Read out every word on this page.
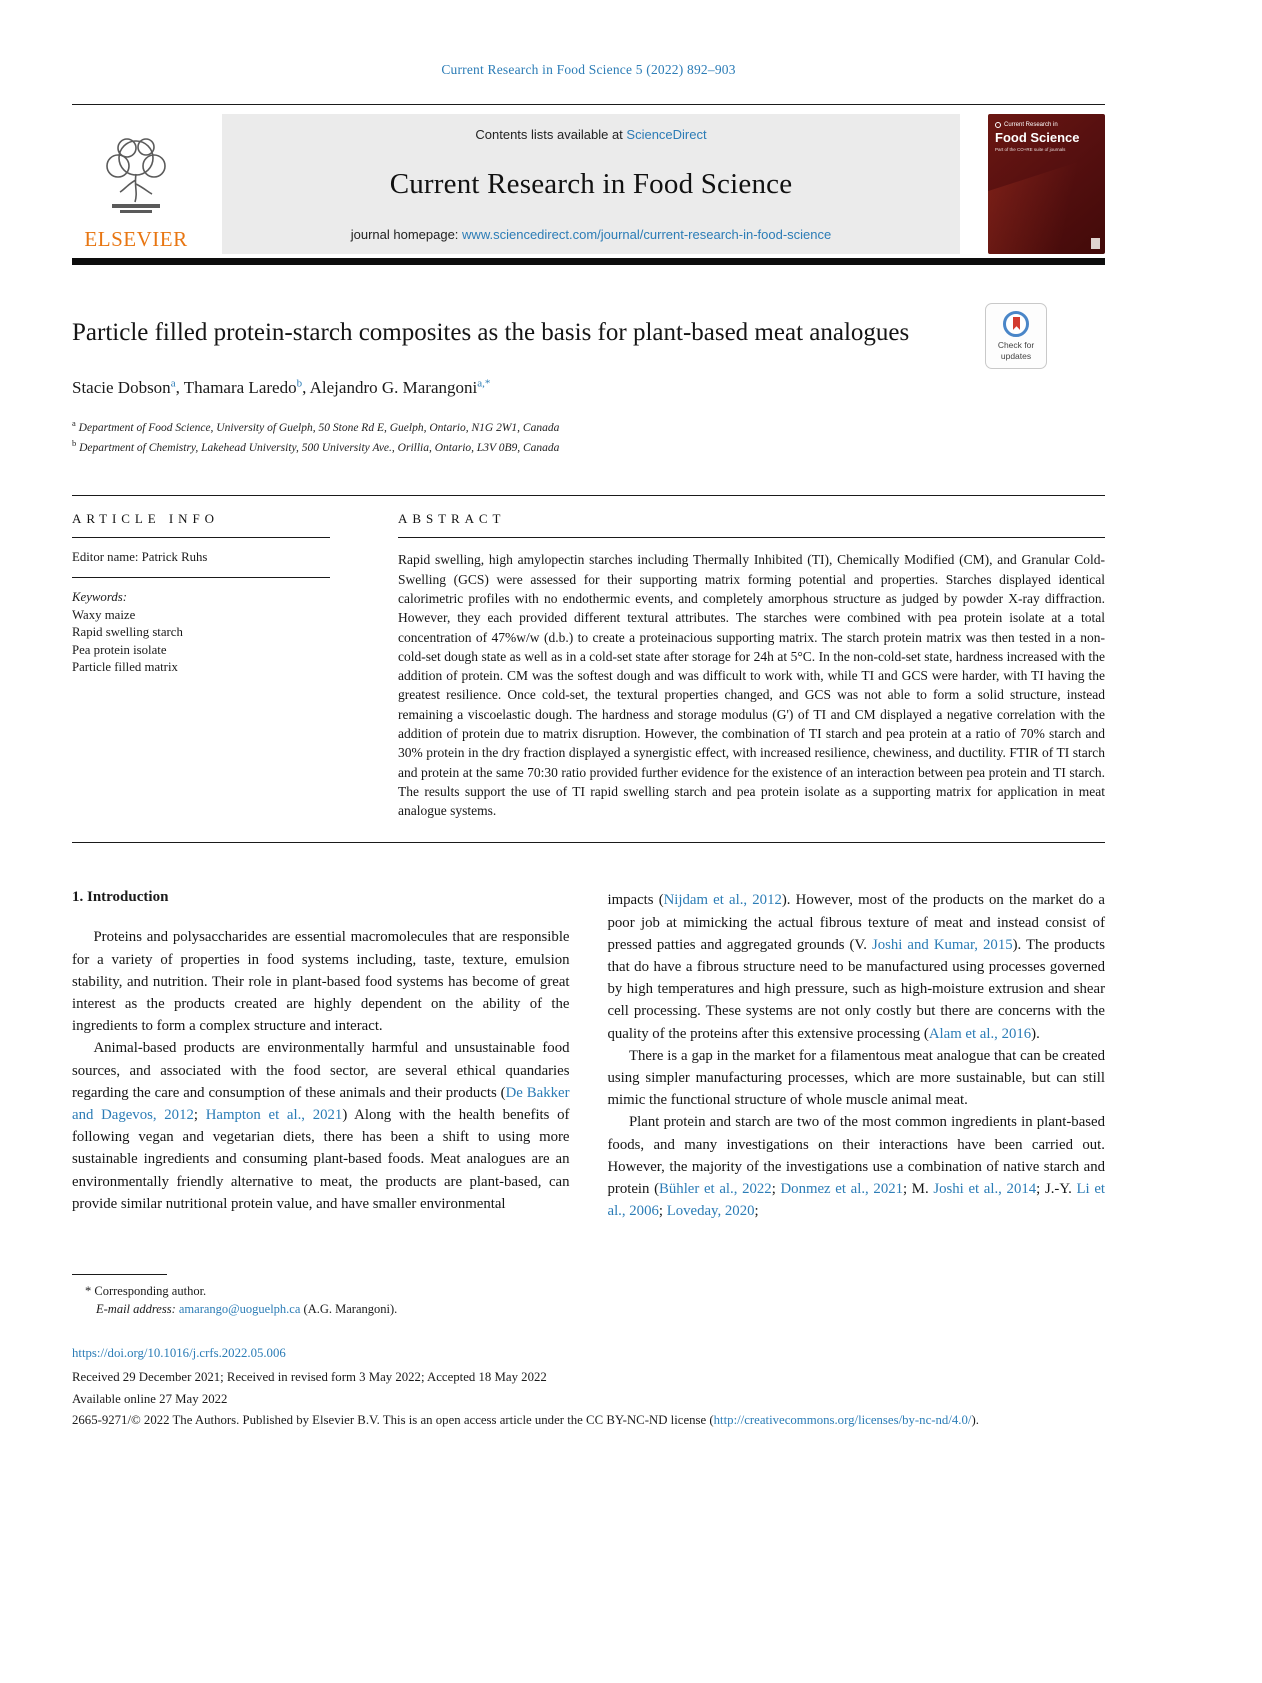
Current Research in Food Science 5 (2022) 892–903
ELSEVIER
Contents lists available at ScienceDirect
Current Research in Food Science
journal homepage: www.sciencedirect.com/journal/current-research-in-food-science
Current Research in
Food Science
Part of the CO+RE suite of journals
Particle filled protein-starch composites as the basis for plant-based meat analogues	Check for
updates
Stacie Dobson$^a$, Thamara Laredo$^b$, Alejandro G. Marangoni$^{a,*}$
$^a$ Department of Food Science, University of Guelph, 50 Stone Rd E, Guelph, Ontario, N1G 2W1, Canada
$^b$ Department of Chemistry, Lakehead University, 500 University Ave., Orillia, Ontario, L3V 0B9, Canada
ARTICLE INFO
Editor name: Patrick Ruhs
Keywords:
Waxy maize
Rapid swelling starch
Pea protein isolate
Particle filled matrix
ABSTRACT
Rapid swelling, high amylopectin starches including Thermally Inhibited (TI), Chemically Modified (CM), and Granular Cold- Swelling (GCS) were assessed for their supporting matrix forming potential and properties. Starches displayed identical calorimetric profiles with no endothermic events, and completely amorphous structure as judged by powder X-ray diffraction. However, they each provided different textural attributes. The starches were combined with pea protein isolate at a total concentration of 47%w/w (d.b.) to create a proteinacious supporting matrix. The starch protein matrix was then tested in a non-cold-set dough state as well as in a cold-set state after storage for 24h at 5°C. In the non-cold-set state, hardness increased with the addition of protein. CM was the softest dough and was difficult to work with, while TI and GCS were harder, with TI having the greatest resilience. Once cold-set, the textural properties changed, and GCS was not able to form a solid structure, instead remaining a viscoelastic dough. The hardness and storage modulus (G') of TI and CM displayed a negative correlation with the addition of protein due to matrix disruption. However, the combination of TI starch and pea protein at a ratio of 70% starch and 30% protein in the dry fraction displayed a synergistic effect, with increased resilience, chewiness, and ductility. FTIR of TI starch and protein at the same 70:30 ratio provided further evidence for the existence of an interaction between pea protein and TI starch. The results support the use of TI rapid swelling starch and pea protein isolate as a supporting matrix for application in meat analogue systems.
1. Introduction

Proteins and polysaccharides are essential macromolecules that are responsible for a variety of properties in food systems including, taste, texture, emulsion stability, and nutrition. Their role in plant-based food systems has become of great interest as the products created are highly dependent on the ability of the ingredients to form a complex structure and interact.

Animal-based products are environmentally harmful and unsustainable food sources, and associated with the food sector, are several ethical quandaries regarding the care and consumption of these animals and their products (De Bakker and Dagevos, 2012; Hampton et al., 2021) Along with the health benefits of following vegan and vegetarian diets, there has been a shift to using more sustainable ingredients and consuming plant-based foods. Meat analogues are an environmentally friendly alternative to meat, the products are plant-based, can provide similar nutritional protein value, and have smaller environmental

impacts (Nijdam et al., 2012). However, most of the products on the market do a poor job at mimicking the actual fibrous texture of meat and instead consist of pressed patties and aggregated grounds (V. Joshi and Kumar, 2015). The products that do have a fibrous structure need to be manufactured using processes governed by high temperatures and high pressure, such as high-moisture extrusion and shear cell processing. These systems are not only costly but there are concerns with the quality of the proteins after this extensive processing (Alam et al., 2016).

There is a gap in the market for a filamentous meat analogue that can be created using simpler manufacturing processes, which are more sustainable, but can still mimic the functional structure of whole muscle animal meat.

Plant protein and starch are two of the most common ingredients in plant-based foods, and many investigations on their interactions have been carried out. However, the majority of the investigations use a combination of native starch and protein (Bühler et al., 2022; Donmez et al., 2021; M. Joshi et al., 2014; J.-Y. Li et al., 2006; Loveday, 2020;

* Corresponding author.
E-mail address: amarango@uoguelph.ca (A.G. Marangoni).
https://doi.org/10.1016/j.crfs.2022.05.006
Received 29 December 2021; Received in revised form 3 May 2022; Accepted 18 May 2022
Available online 27 May 2022
2665-9271/© 2022 The Authors. Published by Elsevier B.V. This is an open access article under the CC BY-NC-ND license (http://creativecommons.org/licenses/by-nc-nd/4.0/).
